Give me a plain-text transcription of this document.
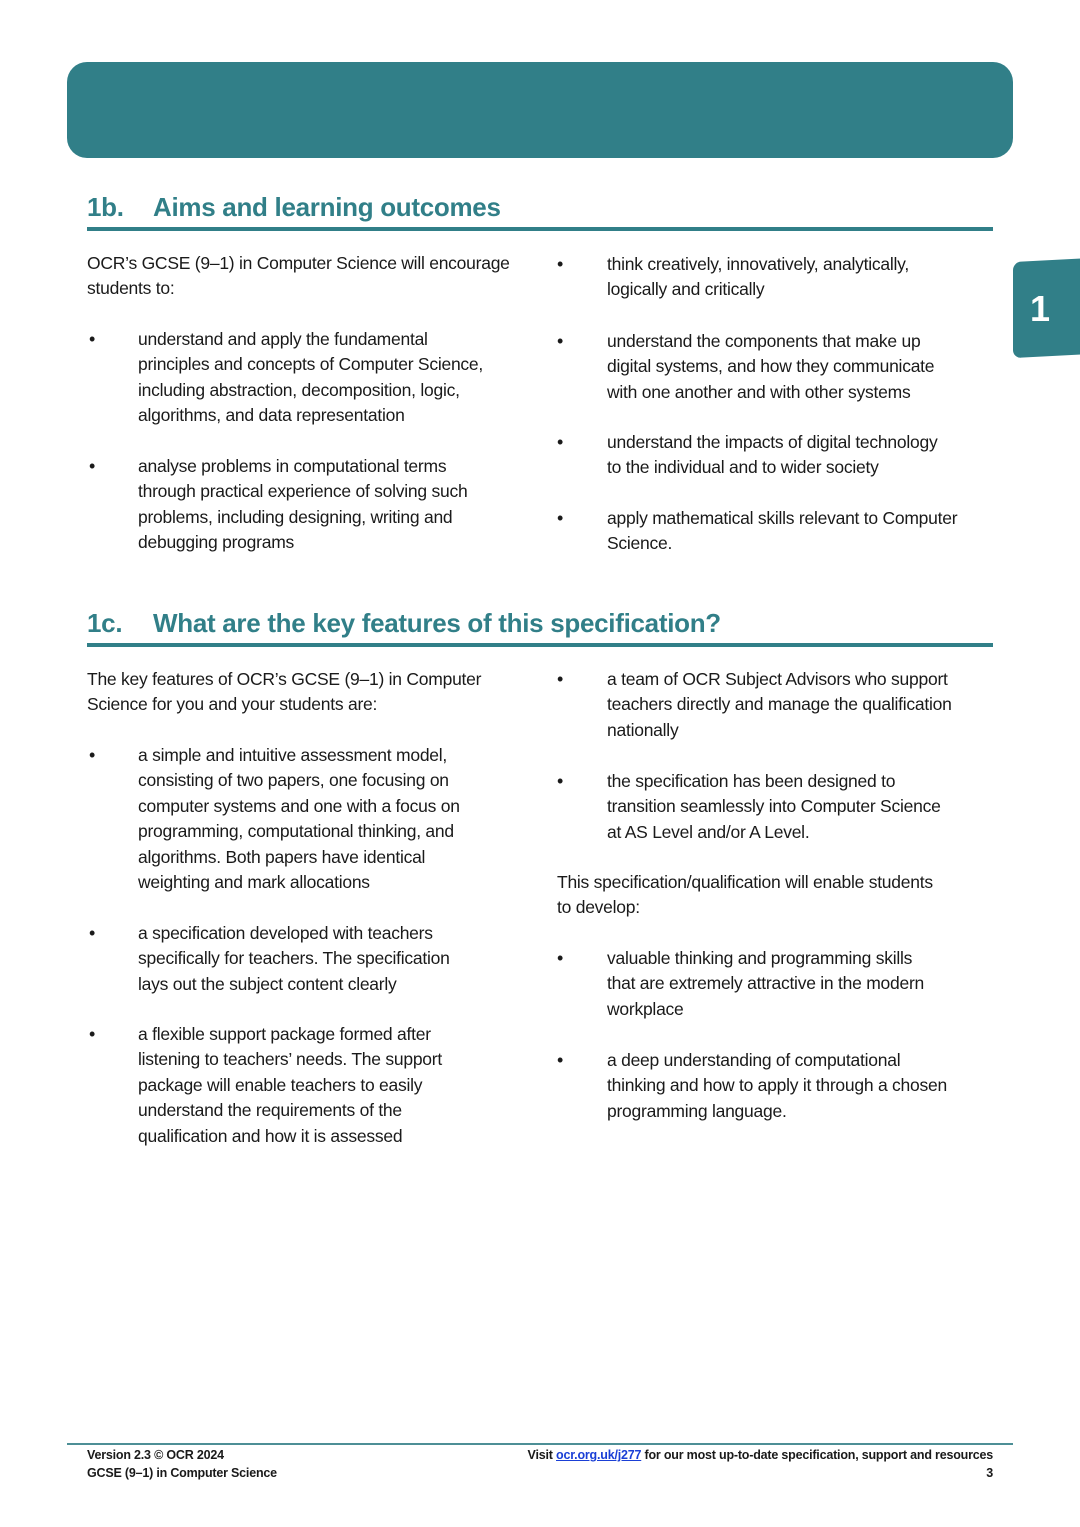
1
1b. Aims and learning outcomes
1c. What are the key features of this specification?
OCR’s GCSE (9–1) in Computer Science will encourage
students to:
• understand and apply the fundamental
principles and concepts of Computer Science,
including abstraction, decomposition, logic,
algorithms, and data representation
• analyse problems in computational terms
through practical experience of solving such
problems, including designing, writing and
debugging programs
• think creatively, innovatively, analytically,
logically and critically
• understand the components that make up
digital systems, and how they communicate
with one another and with other systems
• understand the impacts of digital technology
to the individual and to wider society
• apply mathematical skills relevant to Computer
Science.
The key features of OCR’s GCSE (9–1) in Computer
Science for you and your students are:
• a simple and intuitive assessment model,
consisting of two papers, one focusing on
computer systems and one with a focus on
programming, computational thinking, and
algorithms. Both papers have identical
weighting and mark allocations
• a specification developed with teachers
specifically for teachers. The specification
lays out the subject content clearly
• a flexible support package formed after
listening to teachers’ needs. The support
package will enable teachers to easily
understand the requirements of the
qualification and how it is assessed
• a team of OCR Subject Advisors who support
teachers directly and manage the qualification
nationally
• the specification has been designed to
transition seamlessly into Computer Science
at AS Level and/or A Level.
This specification/qualification will enable students
to develop:
• valuable thinking and programming skills
that are extremely attractive in the modern
workplace
• a deep understanding of computational
thinking and how to apply it through a chosen
programming language.
Version 2.3 © OCR 2024
GCSE (9–1) in Computer Science
Visit ocr.org.uk/j277 for our most up-to-date specification, support and resources
3
